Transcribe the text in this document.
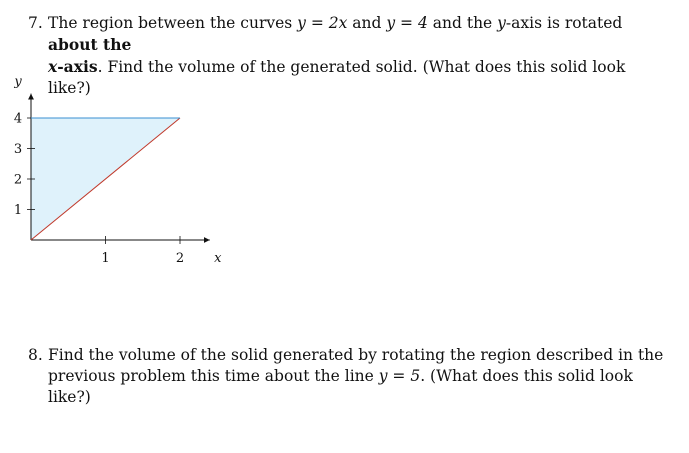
7. The region between the curves y = 2x and y = 4 and the y-axis is rotated about the
x-axis. Find the volume of the generated solid. (What does this solid look like?)
1	2
1
2
3
4
x
y
8. Find the volume of the solid generated by rotating the region described in the previous problem this time about the line y = 5. (What does this solid look like?)
